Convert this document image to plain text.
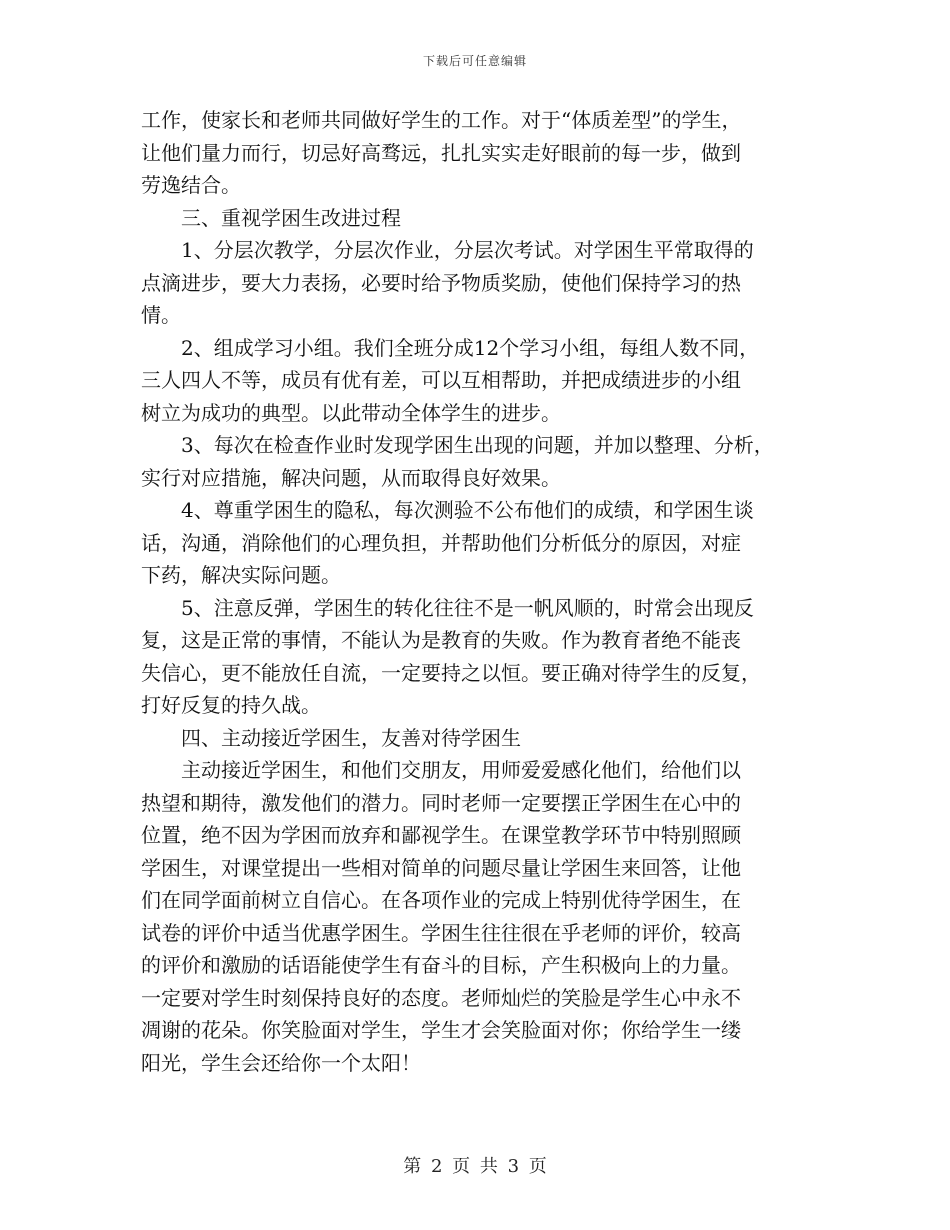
下载后可任意编辑
工作，使家长和老师共同做好学生的工作。对于“体质差型”的学生，
让他们量力而行，切忌好高骛远，扎扎实实走好眼前的每一步，做到
劳逸结合。
三、重视学困生改进过程
1、分层次教学，分层次作业，分层次考试。对学困生平常取得的
点滴进步，要大力表扬，必要时给予物质奖励，使他们保持学习的热
情。
2、组成学习小组。我们全班分成12个学习小组，每组人数不同，
三人四人不等，成员有优有差，可以互相帮助，并把成绩进步的小组
树立为成功的典型。以此带动全体学生的进步。
3、每次在检查作业时发现学困生出现的问题，并加以整理、分析，
实行对应措施，解决问题，从而取得良好效果。
4、尊重学困生的隐私，每次测验不公布他们的成绩，和学困生谈
话，沟通，消除他们的心理负担，并帮助他们分析低分的原因，对症
下药，解决实际问题。
5、注意反弹，学困生的转化往往不是一帆风顺的，时常会出现反
复，这是正常的事情，不能认为是教育的失败。作为教育者绝不能丧
失信心，更不能放任自流，一定要持之以恒。要正确对待学生的反复，
打好反复的持久战。
四、主动接近学困生，友善对待学困生
主动接近学困生，和他们交朋友，用师爱爱感化他们，给他们以
热望和期待，激发他们的潜力。同时老师一定要摆正学困生在心中的
位置，绝不因为学困而放弃和鄙视学生。在课堂教学环节中特别照顾
学困生，对课堂提出一些相对简单的问题尽量让学困生来回答，让他
们在同学面前树立自信心。在各项作业的完成上特别优待学困生，在
试卷的评价中适当优惠学困生。学困生往往很在乎老师的评价，较高
的评价和激励的话语能使学生有奋斗的目标，产生积极向上的力量。
一定要对学生时刻保持良好的态度。老师灿烂的笑脸是学生心中永不
凋谢的花朵。你笑脸面对学生，学生才会笑脸面对你；你给学生一缕
阳光，学生会还给你一个太阳！
第 2 页 共 3 页
